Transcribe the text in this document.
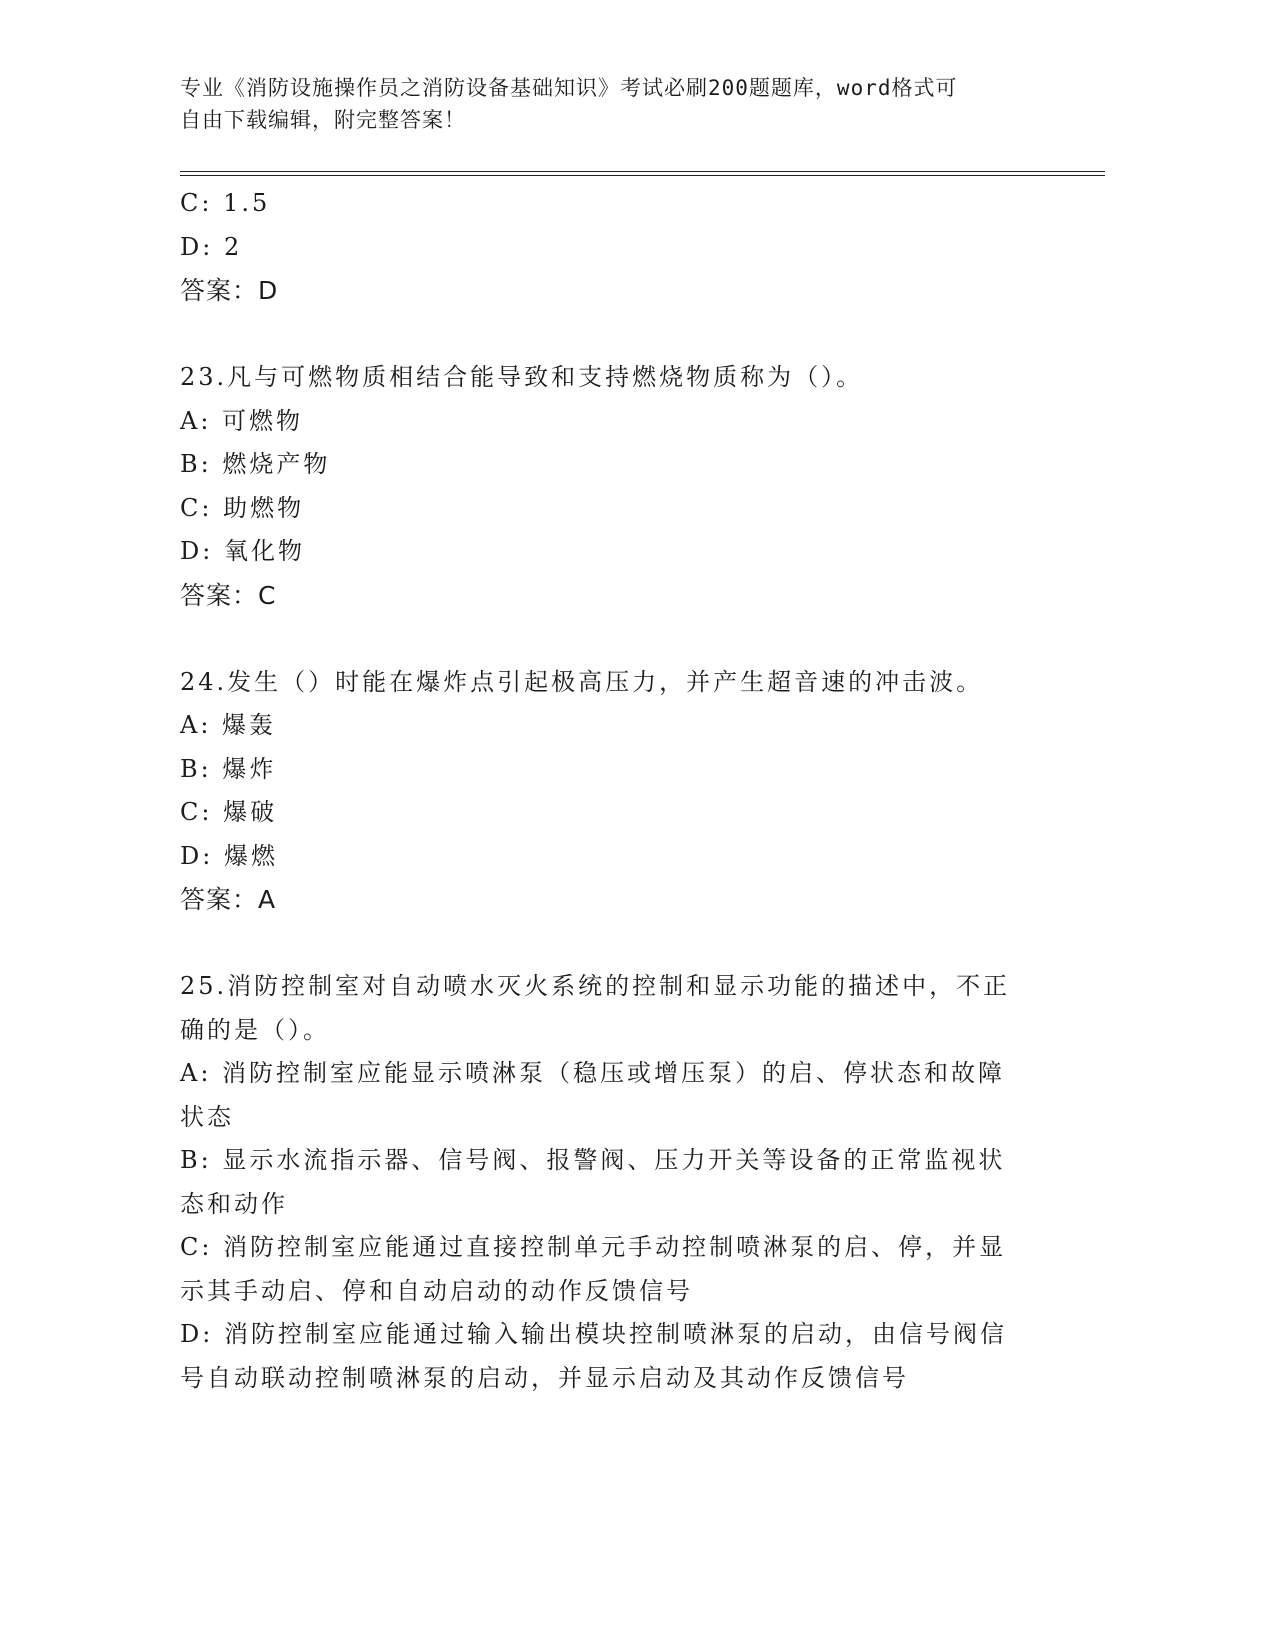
专业《消防设施操作员之消防设备基础知识》考试必刷200题题库，word格式可
自由下载编辑，附完整答案！
C: 1.5
D: 2
答案：D
23.凡与可燃物质相结合能导致和支持燃烧物质称为（）。
A: 可燃物
B: 燃烧产物
C: 助燃物
D: 氧化物
答案：C
24.发生（）时能在爆炸点引起极高压力，并产生超音速的冲击波。
A: 爆轰
B: 爆炸
C: 爆破
D: 爆燃
答案：A
25.消防控制室对自动喷水灭火系统的控制和显示功能的描述中，不正
确的是（）。
A: 消防控制室应能显示喷淋泵（稳压或增压泵）的启、停状态和故障
状态
B: 显示水流指示器、信号阀、报警阀、压力开关等设备的正常监视状
态和动作
C: 消防控制室应能通过直接控制单元手动控制喷淋泵的启、停，并显
示其手动启、停和自动启动的动作反馈信号
D: 消防控制室应能通过输入输出模块控制喷淋泵的启动，由信号阀信
号自动联动控制喷淋泵的启动，并显示启动及其动作反馈信号
